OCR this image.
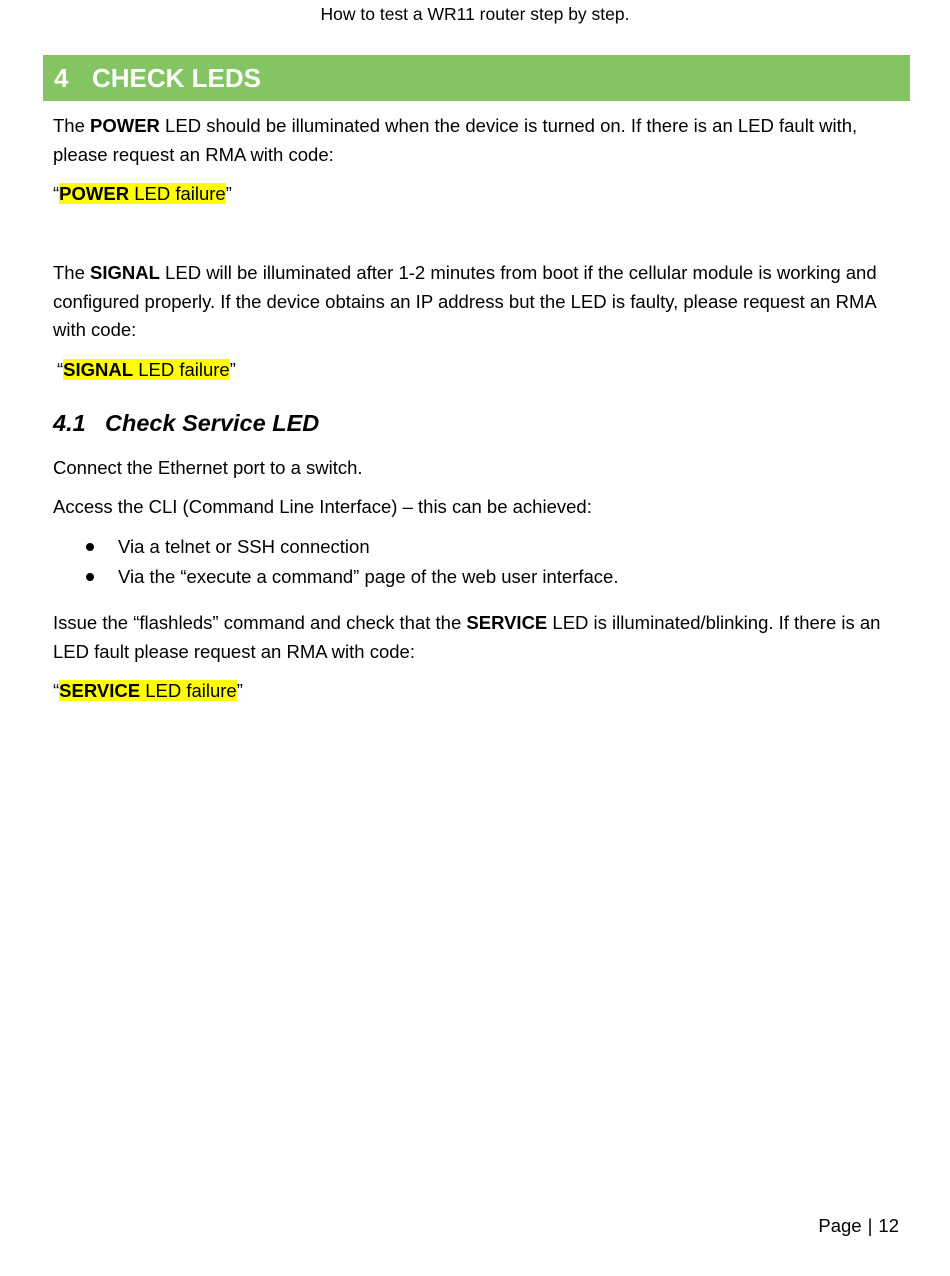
How to test a WR11 router step by step.
4 CHECK LEDS
The POWER LED should be illuminated when the device is turned on. If there is an LED fault with, please request an RMA with code:
“POWER LED failure”
The SIGNAL LED will be illuminated after 1-2 minutes from boot if the cellular module is working and configured properly. If the device obtains an IP address but the LED is faulty, please request an RMA with code:
“SIGNAL LED failure”
4.1 Check Service LED
Connect the Ethernet port to a switch.
Access the CLI (Command Line Interface) – this can be achieved:
Via a telnet or SSH connection
Via the “execute a command” page of the web user interface.
Issue the “flashleds” command and check that the SERVICE LED is illuminated/blinking. If there is an LED fault please request an RMA with code:
“SERVICE LED failure”
Page | 12
